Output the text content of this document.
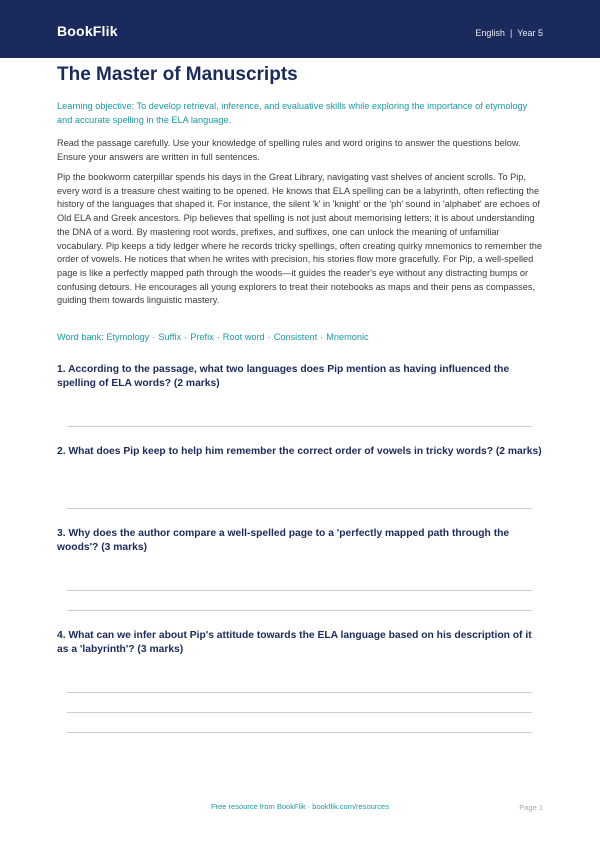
BookFlik	English | Year 5
The Master of Manuscripts
Learning objective: To develop retrieval, inference, and evaluative skills while exploring the importance of etymology and accurate spelling in the ELA language.
Read the passage carefully. Use your knowledge of spelling rules and word origins to answer the questions below. Ensure your answers are written in full sentences.
Pip the bookworm caterpillar spends his days in the Great Library, navigating vast shelves of ancient scrolls. To Pip, every word is a treasure chest waiting to be opened. He knows that ELA spelling can be a labyrinth, often reflecting the history of the languages that shaped it. For instance, the silent 'k' in 'knight' or the 'ph' sound in 'alphabet' are echoes of Old ELA and Greek ancestors. Pip believes that spelling is not just about memorising letters; it is about understanding the DNA of a word. By mastering root words, prefixes, and suffixes, one can unlock the meaning of unfamiliar vocabulary. Pip keeps a tidy ledger where he records tricky spellings, often creating quirky mnemonics to remember the order of vowels. He notices that when he writes with precision, his stories flow more gracefully. For Pip, a well-spelled page is like a perfectly mapped path through the woods—it guides the reader's eye without any distracting bumps or confusing detours. He encourages all young explorers to treat their notebooks as maps and their pens as compasses, guiding them towards linguistic mastery.
Word bank: Etymology · Suffix · Prefix · Root word · Consistent · Mnemonic
1. According to the passage, what two languages does Pip mention as having influenced the spelling of ELA words? (2 marks)
2. What does Pip keep to help him remember the correct order of vowels in tricky words? (2 marks)
3. Why does the author compare a well-spelled page to a 'perfectly mapped path through the woods'? (3 marks)
4. What can we infer about Pip's attitude towards the ELA language based on his description of it as a 'labyrinth'? (3 marks)
Free resource from BookFlik · bookflik.com/resources	Page 1
